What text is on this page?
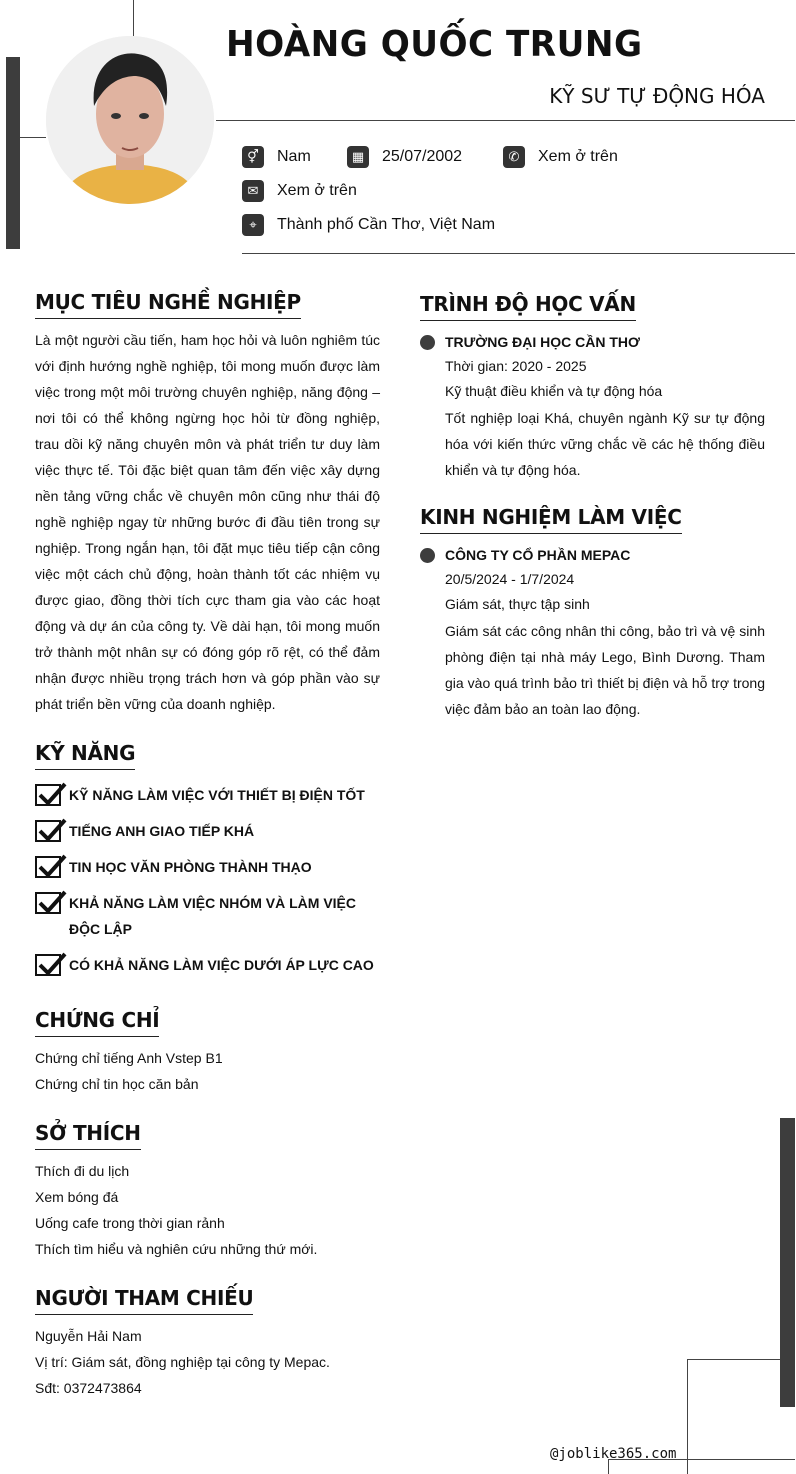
HOÀNG QUỐC TRUNG
KỸ SƯ TỰ ĐỘNG HÓA
⚥	Nam	▦	25/07/2002	✆	Xem ở trên
✉	Xem ở trên
⌖	Thành phố Cần Thơ, Việt Nam
MỤC TIÊU NGHỀ NGHIỆP
Là một người cầu tiến, ham học hỏi và luôn nghiêm túc với định hướng nghề nghiệp, tôi mong muốn được làm việc trong một môi trường chuyên nghiệp, năng động – nơi tôi có thể không ngừng học hỏi từ đồng nghiệp, trau dồi kỹ năng chuyên môn và phát triển tư duy làm việc thực tế. Tôi đặc biệt quan tâm đến việc xây dựng nền tảng vững chắc về chuyên môn cũng như thái độ nghề nghiệp ngay từ những bước đi đầu tiên trong sự nghiệp. Trong ngắn hạn, tôi đặt mục tiêu tiếp cận công việc một cách chủ động, hoàn thành tốt các nhiệm vụ được giao, đồng thời tích cực tham gia vào các hoạt động và dự án của công ty. Về dài hạn, tôi mong muốn trở thành một nhân sự có đóng góp rõ rệt, có thể đảm nhận được nhiều trọng trách hơn và góp phần vào sự phát triển bền vững của doanh nghiệp.
KỸ NĂNG
KỸ NĂNG LÀM VIỆC VỚI THIẾT BỊ ĐIỆN TỐT
TIẾNG ANH GIAO TIẾP KHÁ
TIN HỌC VĂN PHÒNG THÀNH THẠO
KHẢ NĂNG LÀM VIỆC NHÓM VÀ LÀM VIỆC ĐỘC LẬP
CÓ KHẢ NĂNG LÀM VIỆC DƯỚI ÁP LỰC CAO
CHỨNG CHỈ
Chứng chỉ tiếng Anh Vstep B1
Chứng chỉ tin học căn bản
SỞ THÍCH
Thích đi du lịch
Xem bóng đá
Uống cafe trong thời gian rảnh
Thích tìm hiểu và nghiên cứu những thứ mới.
NGƯỜI THAM CHIẾU
Nguyễn Hải Nam
Vị trí: Giám sát, đồng nghiệp tại công ty Mepac.
Sđt: 0372473864
TRÌNH ĐỘ HỌC VẤN
TRƯỜNG ĐẠI HỌC CẦN THƠ
Thời gian: 2020 - 2025
Kỹ thuật điều khiển và tự động hóa
Tốt nghiệp loại Khá, chuyên ngành Kỹ sư tự động hóa với kiến thức vững chắc về các hệ thống điều khiển và tự động hóa.
KINH NGHIỆM LÀM VIỆC
CÔNG TY CỔ PHẦN MEPAC
20/5/2024 - 1/7/2024
Giám sát, thực tập sinh
Giám sát các công nhân thi công, bảo trì và vệ sinh phòng điện tại nhà máy Lego, Bình Dương. Tham gia vào quá trình bảo trì thiết bị điện và hỗ trợ trong việc đảm bảo an toàn lao động.
@joblike365.com
